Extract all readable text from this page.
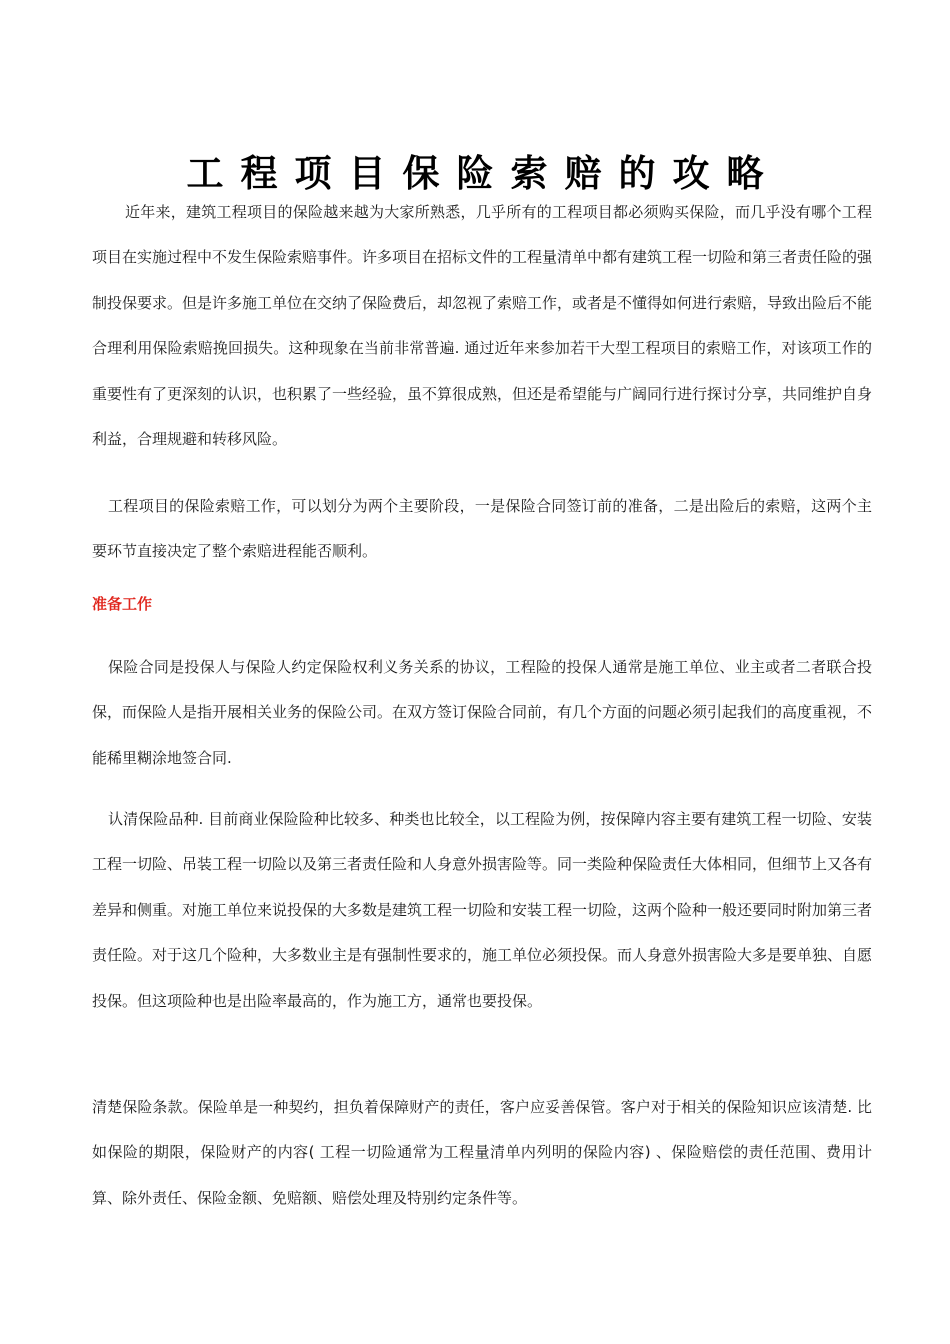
工程项目保险索赔的攻略
近年来，建筑工程项目的保险越来越为大家所熟悉，几乎所有的工程项目都必须购买保险，而几乎没有哪个工程项目在实施过程中不发生保险索赔事件。许多项目在招标文件的工程量清单中都有建筑工程一切险和第三者责任险的强制投保要求。但是许多施工单位在交纳了保险费后，却忽视了索赔工作，或者是不懂得如何进行索赔，导致出险后不能合理利用保险索赔挽回损失。这种现象在当前非常普遍. 通过近年来参加若干大型工程项目的索赔工作，对该项工作的重要性有了更深刻的认识，也积累了一些经验，虽不算很成熟，但还是希望能与广阔同行进行探讨分享，共同维护自身利益，合理规避和转移风险。
工程项目的保险索赔工作，可以划分为两个主要阶段，一是保险合同签订前的准备，二是出险后的索赔，这两个主要环节直接决定了整个索赔进程能否顺利。
准备工作
保险合同是投保人与保险人约定保险权利义务关系的协议，工程险的投保人通常是施工单位、业主或者二者联合投保，而保险人是指开展相关业务的保险公司。在双方签订保险合同前，有几个方面的问题必须引起我们的高度重视，不能稀里糊涂地签合同.
认清保险品种. 目前商业保险险种比较多、种类也比较全，以工程险为例，按保障内容主要有建筑工程一切险、安装工程一切险、吊装工程一切险以及第三者责任险和人身意外损害险等。同一类险种保险责任大体相同，但细节上又各有差异和侧重。对施工单位来说投保的大多数是建筑工程一切险和安装工程一切险，这两个险种一般还要同时附加第三者责任险。对于这几个险种，大多数业主是有强制性要求的，施工单位必须投保。而人身意外损害险大多是要单独、自愿投保。但这项险种也是出险率最高的，作为施工方，通常也要投保。
清楚保险条款。保险单是一种契约，担负着保障财产的责任，客户应妥善保管。客户对于相关的保险知识应该清楚. 比如保险的期限，保险财产的内容( 工程一切险通常为工程量清单内列明的保险内容) 、保险赔偿的责任范围、费用计算、除外责任、保险金额、免赔额、赔偿处理及特别约定条件等。
